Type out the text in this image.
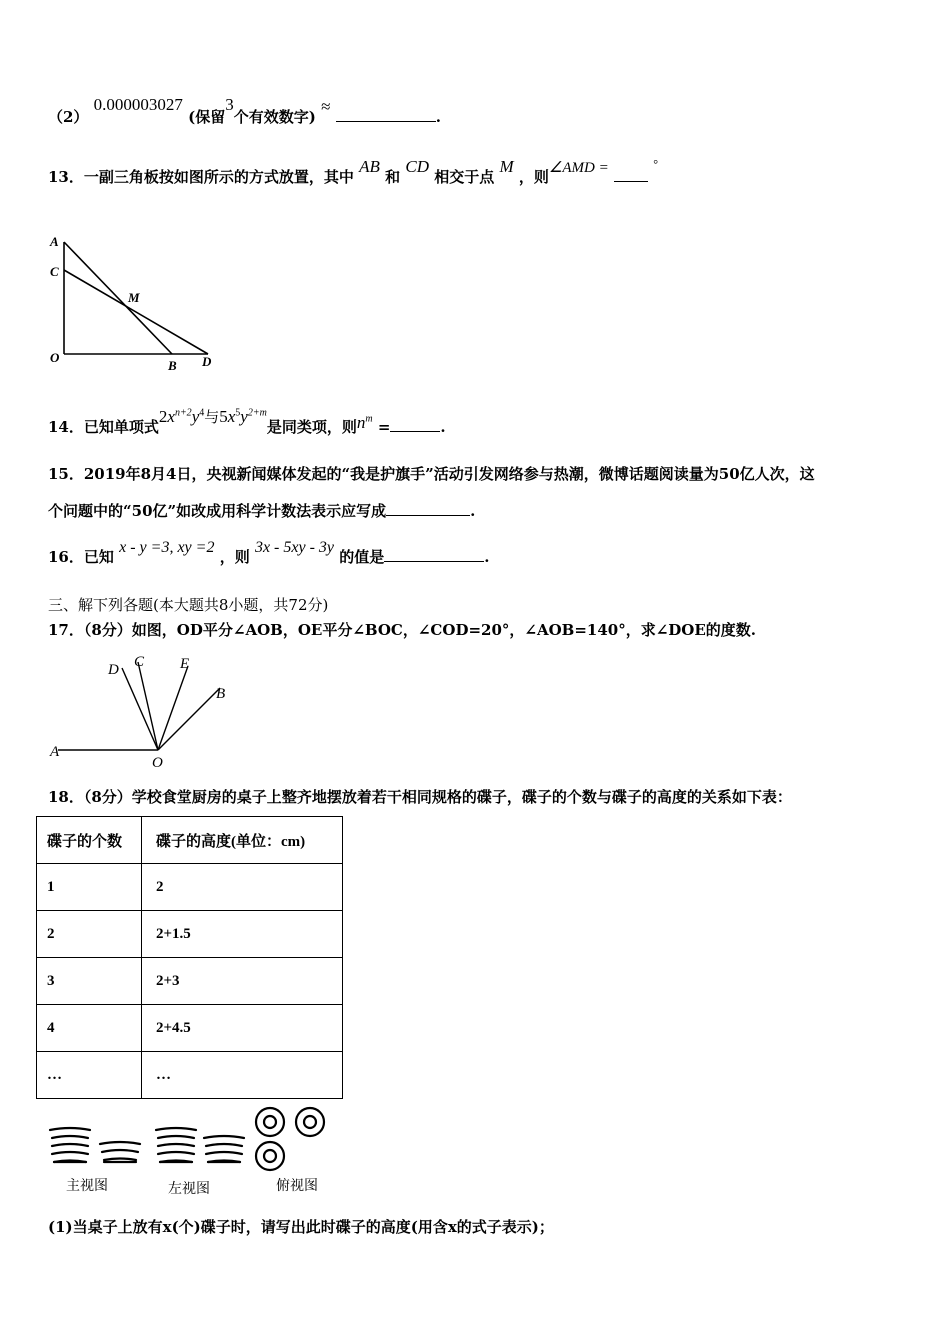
（2） 0.000003027 (保留3个有效数字) ≈ .
13．一副三角板按如图所示的方式放置，其中 AB 和 CD 相交于点 M ，则∠AMD =	°
A
C
M
O
B D
14．已知单项式$2x^{n+2}y^4$与$5x^5y^{2+m}$是同类项，则$n^m$ =	.
15．2019年8月4日，央视新闻媒体发起的“我是护旗手”活动引发网络参与热潮，微博话题阅读量为50亿人次，这
个问题中的“50亿”如改成用科学计数法表示应写成	.
16．已知 x - y =3, xy =2 ，则 3x - 5xy - 3y 的值是	.
三、解下列各题(本大题共8小题，共72分)
17．（8分）如图，OD平分∠AOB，OE平分∠BOC，∠COD=20°，∠AOB=140°，求∠DOE的度数.
D C E
B
A
O
18．（8分）学校食堂厨房的桌子上整齐地摆放着若干相同规格的碟子，碟子的个数与碟子的高度的关系如下表：
碟子的个数	碟子的高度(单位：cm)
1	2
2	2+1.5
3	2+3
4	2+4.5
…	…
主视图	左视图	俯视图
(1)当桌子上放有x(个)碟子时，请写出此时碟子的高度(用含x的式子表示)；
